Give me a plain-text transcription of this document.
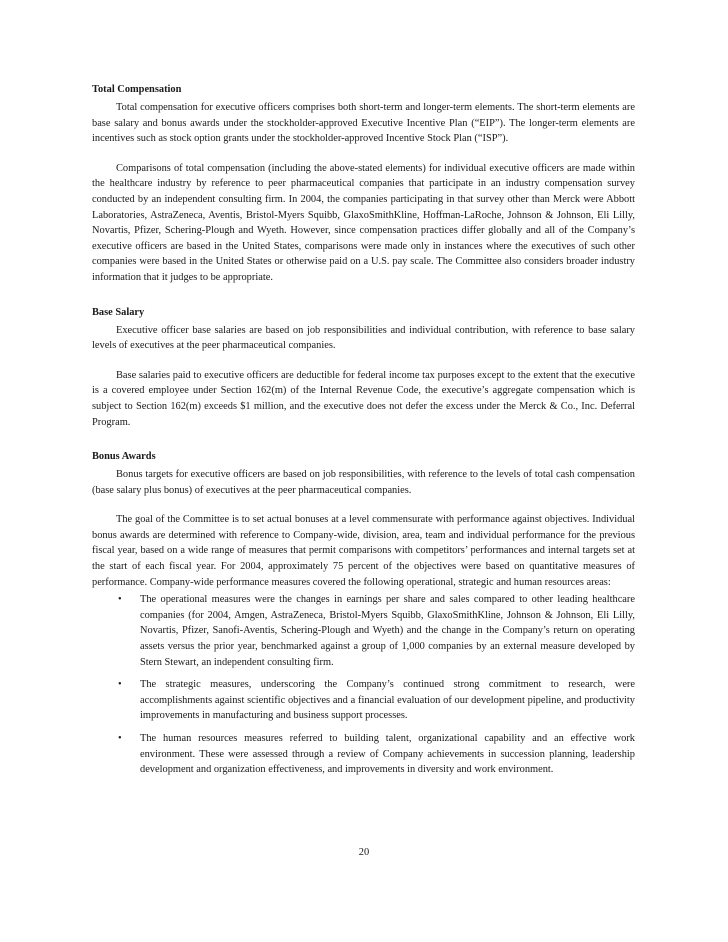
Total Compensation

Total compensation for executive officers comprises both short-term and longer-term elements. The short-term elements are base salary and bonus awards under the stockholder-approved Executive Incentive Plan (“EIP”). The longer-term elements are incentives such as stock option grants under the stockholder-approved Incentive Stock Plan (“ISP”).

Comparisons of total compensation (including the above-stated elements) for individual executive officers are made within the healthcare industry by reference to peer pharmaceutical companies that participate in an industry compensation survey conducted by an independent consulting firm. In 2004, the companies participating in that survey other than Merck were Abbott Laboratories, AstraZeneca, Aventis, Bristol-Myers Squibb, GlaxoSmithKline, Hoffman-LaRoche, Johnson & Johnson, Eli Lilly, Novartis, Pfizer, Schering-Plough and Wyeth. However, since compensation practices differ globally and all of the Company’s executive officers are based in the United States, comparisons were made only in instances where the executives of such other companies were based in the United States or otherwise paid on a U.S. pay scale. The Committee also considers broader industry information that it judges to be appropriate.

Base Salary

Executive officer base salaries are based on job responsibilities and individual contribution, with reference to base salary levels of executives at the peer pharmaceutical companies.

Base salaries paid to executive officers are deductible for federal income tax purposes except to the extent that the executive is a covered employee under Section 162(m) of the Internal Revenue Code, the executive’s aggregate compensation which is subject to Section 162(m) exceeds $1 million, and the executive does not defer the excess under the Merck & Co., Inc. Deferral Program.

Bonus Awards

Bonus targets for executive officers are based on job responsibilities, with reference to the levels of total cash compensation (base salary plus bonus) of executives at the peer pharmaceutical companies.

The goal of the Committee is to set actual bonuses at a level commensurate with performance against objectives. Individual bonus awards are determined with reference to Company-wide, division, area, team and individual performance for the previous fiscal year, based on a wide range of measures that permit comparisons with competitors’ performances and internal targets set at the start of each fiscal year. For 2004, approximately 75 percent of the objectives were based on quantitative measures of performance. Company-wide performance measures covered the following operational, strategic and human resources areas:

• The operational measures were the changes in earnings per share and sales compared to other leading healthcare companies (for 2004, Amgen, AstraZeneca, Bristol-Myers Squibb, GlaxoSmithKline, Johnson & Johnson, Eli Lilly, Novartis, Pfizer, Sanofi-Aventis, Schering-Plough and Wyeth) and the change in the Company’s return on operating assets versus the prior year, benchmarked against a group of 1,000 companies by an external measure developed by Stern Stewart, an independent consulting firm.
• The strategic measures, underscoring the Company’s continued strong commitment to research, were accomplishments against scientific objectives and a financial evaluation of our development pipeline, and productivity improvements in manufacturing and business support processes.
• The human resources measures referred to building talent, organizational capability and an effective work environment. These were assessed through a review of Company achievements in succession planning, leadership development and organization effectiveness, and improvements in diversity and work environment.
20
